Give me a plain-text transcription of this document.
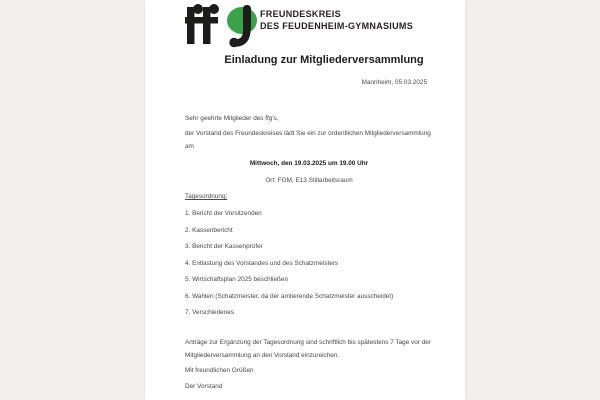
FREUNDESKREIS
DES FEUDENHEIM-GYMNASIUMS
Einladung zur Mitgliederversammlung
Mannheim, 05.03.2025

Sehr geehrte Mitglieder des ffg's,

der Vorstand des Freundeskreises lädt Sie ein zur ordentlichen Mitgliederversammlung am

Mittwoch, den 19.03.2025 um 19.00 Uhr

Ort: FGM, E13 Stillarbeitsraum

Tagesordnung:

1. Bericht der Vorsitzenden

2. Kassenbericht

3. Bericht der Kassenprüfer

4. Entlastung des Vorstandes und des Schatzmeisters

5. Wirtschaftsplan 2025 beschließen

6. Wahlen (Schatzmeister, da der amtierende Schatzmeister ausscheidet)

7. Verschiedenes

Anträge zur Ergänzung der Tagesordnung sind schriftlich bis spätestens 7 Tage vor der Mitgliederversammlung an den Vorstand einzureichen.

Mit freundlichen Grüßen

Der Vorstand
